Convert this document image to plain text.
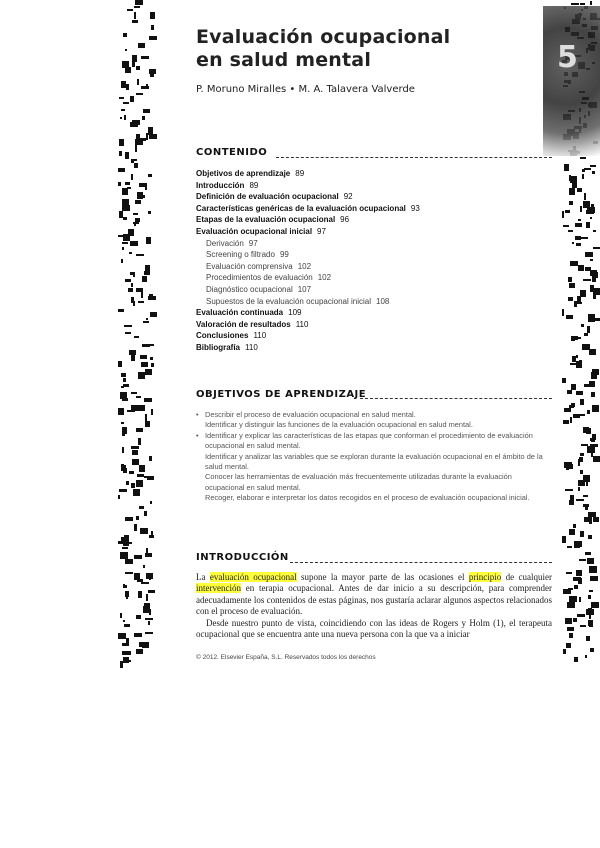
5
Evaluación ocupacional
en salud mental
P. Moruno Miralles • M. A. Talavera Valverde
CONTENIDO
Objetivos de aprendizaje 89
Introducción 89
Definición de evaluación ocupacional 92
Características genéricas de la evaluación ocupacional 93
Etapas de la evaluación ocupacional 96
Evaluación ocupacional inicial 97
Derivación 97
Screening o filtrado 99
Evaluación comprensiva 102
Procedimientos de evaluación 102
Diagnóstico ocupacional 107
Supuestos de la evaluación ocupacional inicial 108
Evaluación continuada 109
Valoración de resultados 110
Conclusiones 110
Bibliografía 110
OBJETIVOS DE APRENDIZAJE
• Describir el proceso de evaluación ocupacional en salud mental.
Identificar y distinguir las funciones de la evaluación ocupacional en salud mental.
• Identificar y explicar las características de las etapas que conforman el procedimiento de evaluación ocupacional en salud mental.
Identificar y analizar las variables que se exploran durante la evaluación ocupacional en el ámbito de la salud mental.
Conocer las herramientas de evaluación más frecuentemente utilizadas durante la evaluación ocupacional en salud mental.
Recoger, elaborar e interpretar los datos recogidos en el proceso de evaluación ocupacional inicial.
INTRODUCCIÓN

La evaluación ocupacional supone la mayor parte de las ocasiones el principio de cualquier intervención en terapia ocupacional. Antes de dar inicio a su descripción, para comprender adecuadamente los contenidos de estas páginas, nos gustaría aclarar algunos aspectos relacionados con el proceso de evaluación.

Desde nuestro punto de vista, coincidiendo con las ideas de Rogers y Holm (1), el terapeuta ocupacional que se encuentra ante una nueva persona con la que va a iniciar

© 2012. Elsevier España, S.L. Reservados todos los derechos
